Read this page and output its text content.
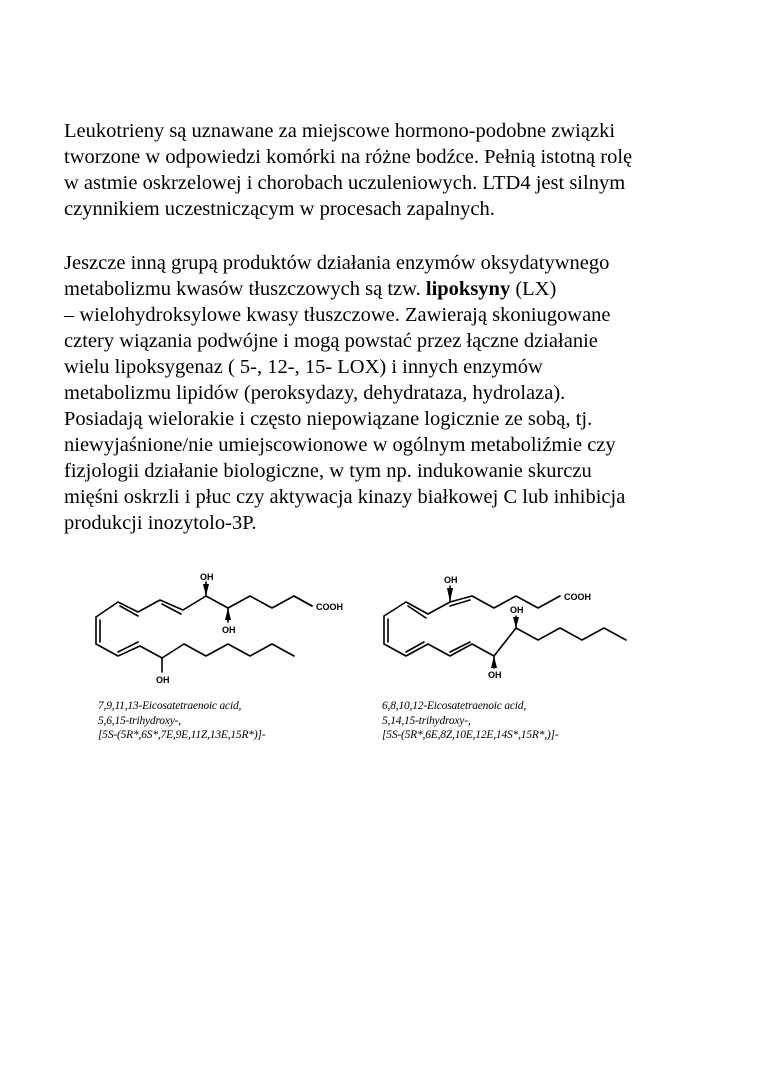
Leukotrieny są uznawane za miejscowe hormono-podobne związki
tworzone w odpowiedzi komórki na różne bodźce. Pełnią istotną rolę
w astmie oskrzelowej i chorobach uczuleniowych. LTD4 jest silnym
czynnikiem uczestniczącym w procesach zapalnych.

Jeszcze inną grupą produktów działania enzymów oksydatywnego
metabolizmu kwasów tłuszczowych są tzw. lipoksyny (LX)
– wielohydroksylowe kwasy tłuszczowe. Zawierają skoniugowane
cztery wiązania podwójne i mogą powstać przez łączne działanie
wielu lipoksygenaz ( 5-, 12-, 15- LOX) i innych enzymów
metabolizmu lipidów (peroksydazy, dehydrataza, hydrolaza).
Posiadają wielorakie i często niepowiązane logicznie ze sobą, tj.
niewyjaśnione/nie umiejscowionowe w ogólnym metaboliźmie czy
fizjologii działanie biologiczne, w tym np. indukowanie skurczu
mięśni oskrzli i płuc czy aktywacja kinazy białkowej C lub inhibicja
produkcji inozytolo-3P.

OH
OH
OH
COOH
7,9,11,13-Eicosatetraenoic acid,
5,6,15-trihydroxy-,
[5S-(5R*,6S*,7E,9E,11Z,13E,15R*)]-
OH
OH
OH
COOH
6,8,10,12-Eicosatetraenoic acid,
5,14,15-trihydroxy-,
[5S-(5R*,6E,8Z,10E,12E,14S*,15R*,)]-
